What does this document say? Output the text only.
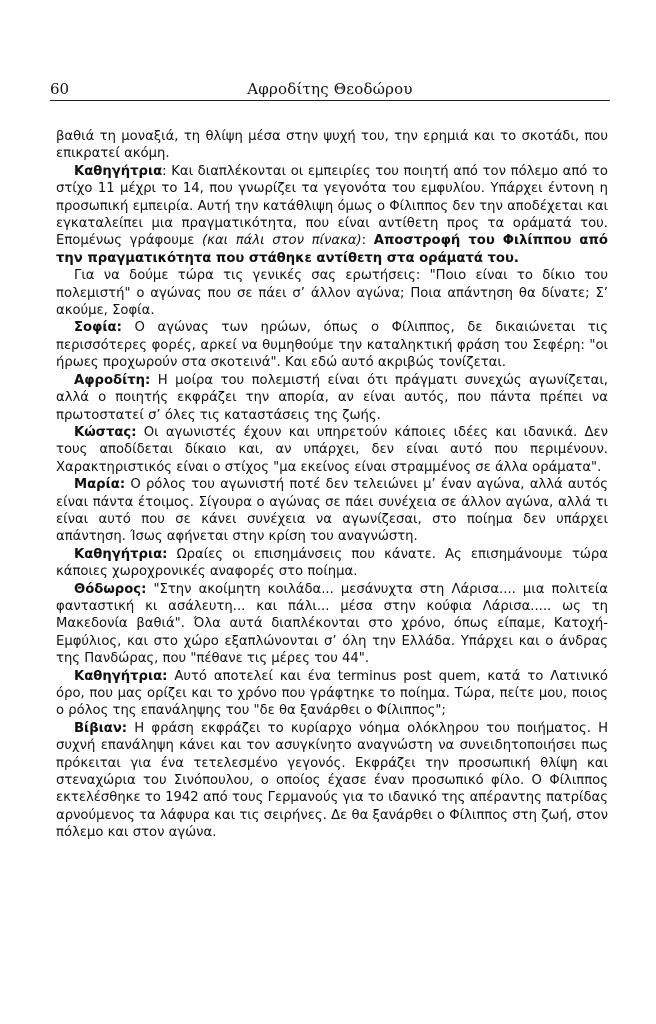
60	Αφροδίτης Θεοδώρου

βαθιά τη μοναξιά, τη θλίψη μέσα στην ψυχή του, την ερημιά και το σκοτάδι, που επικρατεί ακόμη.

Καθηγήτρια: Και διαπλέκονται οι εμπειρίες του ποιητή από τον πόλεμο από το στίχο 11 μέχρι το 14, που γνωρίζει τα γεγονότα του εμφυλίου. Υπάρχει έντονη η προσωπική εμπειρία. Αυτή την κατάθλιψη όμως ο Φίλιππος δεν την αποδέχεται και εγκαταλείπει μια πραγματικότητα, που είναι αντίθετη προς τα οράματά του. Επομένως γράφουμε (και πάλι στον πίνακα): Αποστροφή του Φιλίππου από την πραγματικότητα που στάθηκε αντίθετη στα οράματά του.

Για να δούμε τώρα τις γενικές σας ερωτήσεις: "Ποιο είναι το δίκιο του πολεμιστή" ο αγώνας που σε πάει σ’ άλλον αγώνα; Ποια απάντηση θα δίνατε; Σ’ ακούμε, Σοφία.

Σοφία: Ο αγώνας των ηρώων, όπως ο Φίλιππος, δε δικαιώνεται τις περισσότερες φορές, αρκεί να θυμηθούμε την καταληκτική φράση του Σεφέρη: "οι ήρωες προχωρούν στα σκοτεινά". Και εδώ αυτό ακριβώς τονίζεται.

Αφροδίτη: Η μοίρα του πολεμιστή είναι ότι πράγματι συνεχώς αγωνίζεται, αλλά ο ποιητής εκφράζει την απορία, αν είναι αυτός, που πάντα πρέπει να πρωτοστατεί σ’ όλες τις καταστάσεις της ζωής.

Κώστας: Οι αγωνιστές έχουν και υπηρετούν κάποιες ιδέες και ιδανικά. Δεν τους αποδίδεται δίκαιο και, αν υπάρχει, δεν είναι αυτό που περιμένουν. Χαρακτηριστικός είναι ο στίχος "μα εκείνος είναι στραμμένος σε άλλα οράματα".

Μαρία: Ο ρόλος του αγωνιστή ποτέ δεν τελειώνει μ’ έναν αγώνα, αλλά αυτός είναι πάντα έτοιμος. Σίγουρα ο αγώνας σε πάει συνέχεια σε άλλον αγώνα, αλλά τι είναι αυτό που σε κάνει συνέχεια να αγωνίζεσαι, στο ποίημα δεν υπάρχει απάντηση. Ίσως αφήνεται στην κρίση του αναγνώστη.

Καθηγήτρια: Ωραίες οι επισημάνσεις που κάνατε. Ας επισημάνουμε τώρα κάποιες χωροχρονικές αναφορές στο ποίημα.

Θόδωρος: "Στην ακοίμητη κοιλάδα... μεσάνυχτα στη Λάρισα.... μια πολιτεία φανταστική κι ασάλευτη... και πάλι... μέσα στην κούφια Λάρισα..... ως τη Μακεδονία βαθιά". Όλα αυτά διαπλέκονται στο χρόνο, όπως είπαμε, Κατοχή-Εμφύλιος, και στο χώρο εξαπλώνονται σ’ όλη την Ελλάδα. Υπάρχει και ο άνδρας της Πανδώρας, που "πέθανε τις μέρες του 44".

Καθηγήτρια: Αυτό αποτελεί και ένα terminus post quem, κατά το Λατινικό όρο, που μας ορίζει και το χρόνο που γράφτηκε το ποίημα. Τώρα, πείτε μου, ποιος ο ρόλος της επανάληψης του "δε θα ξανάρθει ο Φίλιππος";

Βίβιαν: Η φράση εκφράζει το κυρίαρχο νόημα ολόκληρου του ποιήματος. Η συχνή επανάληψη κάνει και τον ασυγκίνητο αναγνώστη να συνειδητοποιήσει πως πρόκειται για ένα τετελεσμένο γεγονός. Εκφράζει την προσωπική θλίψη και στεναχώρια του Σινόπουλου, ο οποίος έχασε έναν προσωπικό φίλο. Ο Φίλιππος εκτελέσθηκε το 1942 από τους Γερμανούς για το ιδανικό της απέραντης πατρίδας αρνούμενος τα λάφυρα και τις σειρήνες. Δε θα ξανάρθει ο Φίλιππος στη ζωή, στον πόλεμο και στον αγώνα.
